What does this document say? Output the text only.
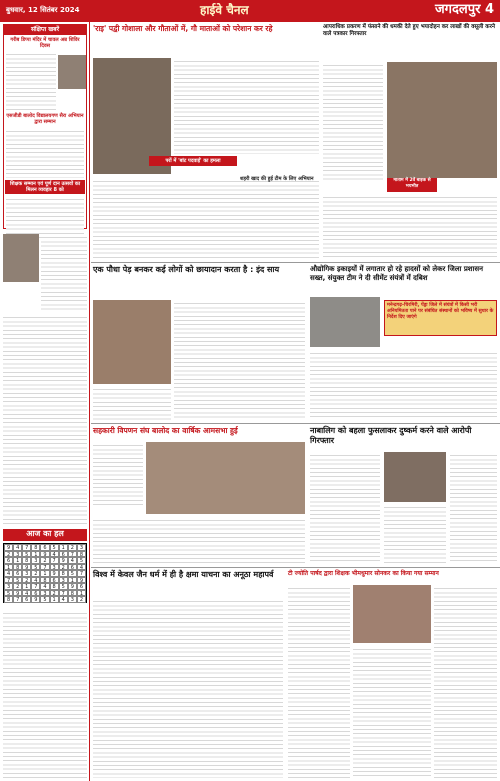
बुधवार, 12 सितंबर 2024	हाईवे चैनल	जगदलपुर 4
संक्षिप्त खबरें
गरीब डिप्पा मंदिर में चावल अन्न शिविर दिवस
एसजीडी बालोद विद्यालयगण सैरा अभियान द्वारा सम्मान
शिक्षक सम्मान एवं पूर्ण दान उत्सवों का मिलन व्यवहार 8 को
आज का हल
9	4	7	8	6	5	1	2	3
2	3	5	1	9	4	6	7	8
6	1	8	3	2	7	9	4	5
1	8	9	5	7	3	2	6	4
4	6	3	2	1	9	8	5	7
7	5	2	4	8	6	3	1	9
3	2	1	7	4	8	5	9	6
5	9	4	6	3	2	7	8	1
8	7	6	9	5	1	4	3	2
'राइ' पद्वी गोशाला और गौताओं में, गौ माताओं को परेशान कर रहे
परों में 'बांट पदवाई' का हमला
शहरी खाद की हुई टीम के लिए अभियान
आपराधिक प्रकरण में फंसाने की धमकी देते हुए भयादोहन कर लाखों की वसूली करने वाले पत्रकार गिरफ्तार
माताम में 2वें बाइक से भयभीत
एक पौधा पेड़ बनकर कई लोगों को छायादान करता है : इंद साय	औद्योगिक इकाइयों में लगातार हो रहे हादसों को लेकर जिला प्रशासन सख्त, संयुक्त टीम ने दी सीमेंट संयंत्रों में दबिश
मनेन्द्रगढ़-चिरमिरी, पेंड्रा जिले में संयंत्रों में किसी भरी अनियमितता पाने पर संबंधित संस्थानों को भविष्य में सुधार के निर्देश दिए जाएंगे
सहकारी विपणन संघ बालोद का वार्षिक आमसभा हुई	नाबालिग को बहला फुसलाकर दुष्कर्म करने वाले आरोपी गिरफ्तार
विश्व में केवल जैन धर्म में ही है क्षमा याचना का अनूठा महापर्व	टी ज्योति पार्षद द्वारा शिक्षक भीमधुमार सोनकर का किया गया सम्मान
